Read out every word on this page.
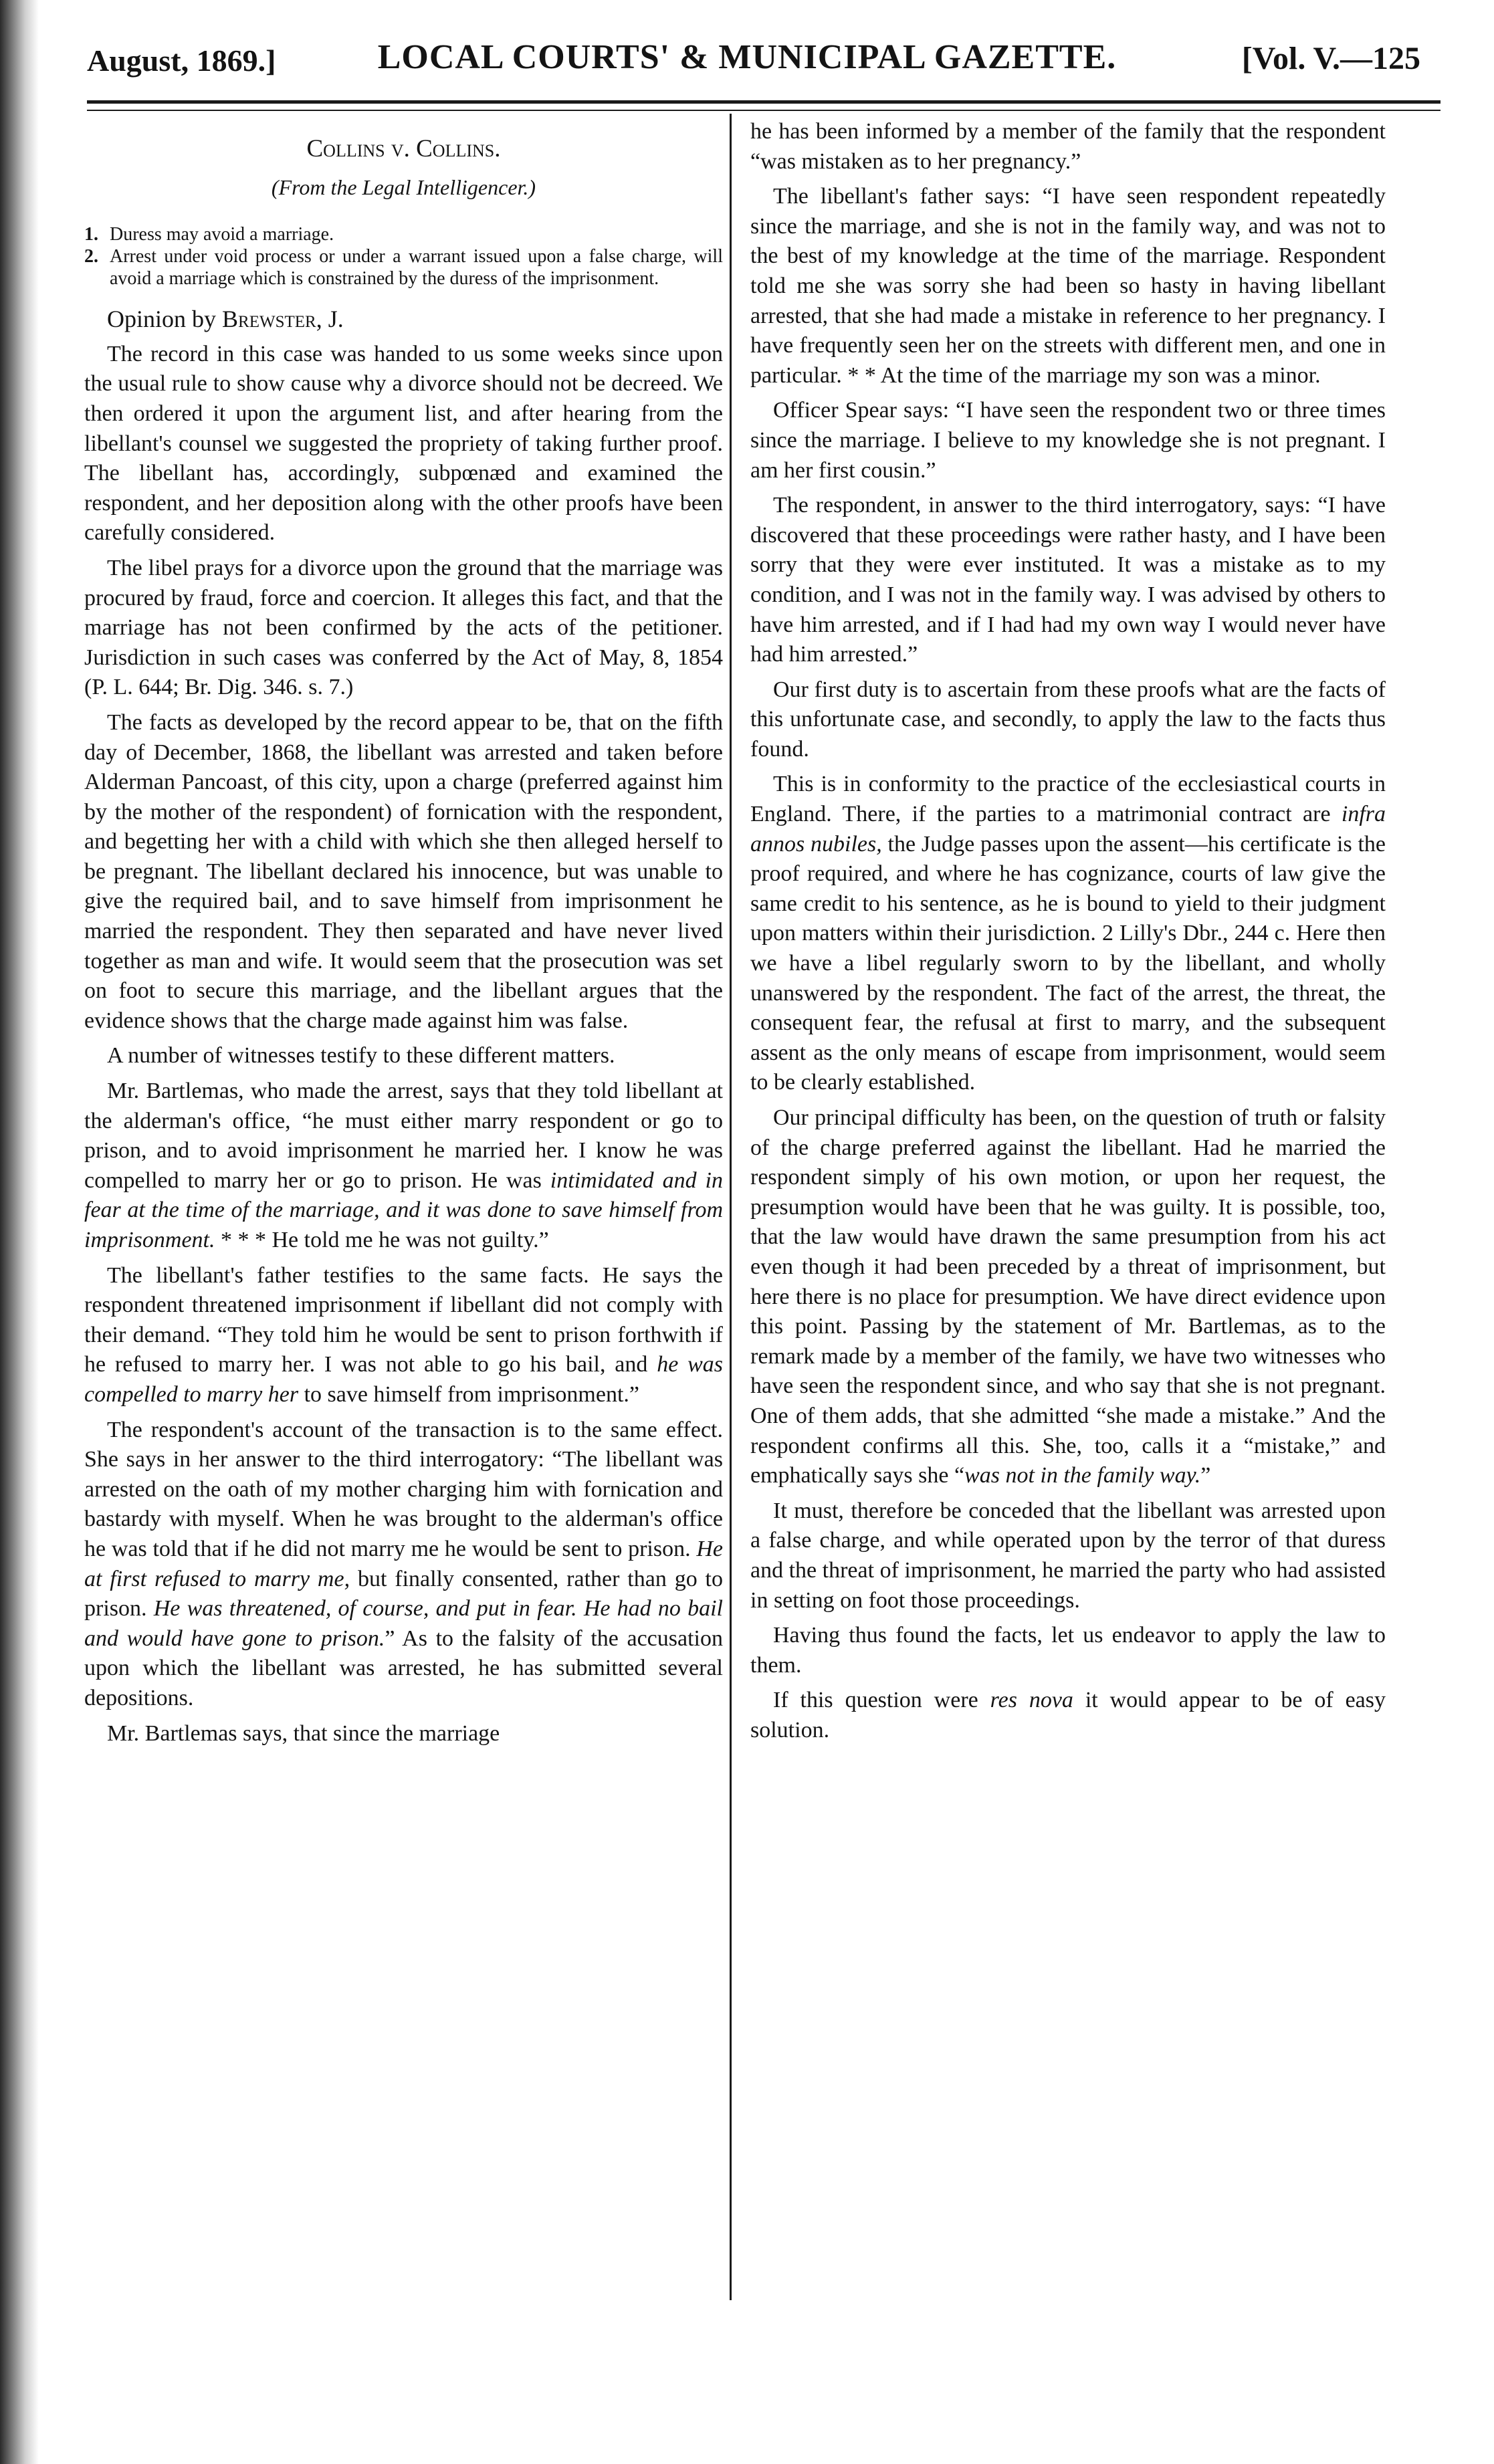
August, 1869.]	LOCAL COURTS' & MUNICIPAL GAZETTE.	[Vol. V.—125
Collins v. Collins.
(From the Legal Intelligencer.)
1. Duress may avoid a marriage.
2. Arrest under void process or under a warrant issued upon a false charge, will avoid a marriage which is constrained by the duress of the imprisonment.

Opinion by Brewster, J.

The record in this case was handed to us some weeks since upon the usual rule to show cause why a divorce should not be decreed. We then ordered it upon the argument list, and after hearing from the libellant's counsel we suggested the propriety of taking further proof. The libellant has, accordingly, subpœnæd and examined the respondent, and her deposition along with the other proofs have been carefully considered.

The libel prays for a divorce upon the ground that the marriage was procured by fraud, force and coercion. It alleges this fact, and that the marriage has not been confirmed by the acts of the petitioner. Jurisdiction in such cases was conferred by the Act of May, 8, 1854 (P. L. 644; Br. Dig. 346. s. 7.)

The facts as developed by the record appear to be, that on the fifth day of December, 1868, the libellant was arrested and taken before Alderman Pancoast, of this city, upon a charge (preferred against him by the mother of the respondent) of fornication with the respondent, and begetting her with a child with which she then alleged herself to be pregnant. The libellant declared his innocence, but was unable to give the required bail, and to save himself from imprisonment he married the respondent. They then separated and have never lived together as man and wife. It would seem that the prosecution was set on foot to secure this marriage, and the libellant argues that the evidence shows that the charge made against him was false.

A number of witnesses testify to these different matters.

Mr. Bartlemas, who made the arrest, says that they told libellant at the alderman's office, “he must either marry respondent or go to prison, and to avoid imprisonment he married her. I know he was compelled to marry her or go to prison. He was intimidated and in fear at the time of the marriage, and it was done to save himself from imprisonment. * * * He told me he was not guilty.”

The libellant's father testifies to the same facts. He says the respondent threatened imprisonment if libellant did not comply with their demand. “They told him he would be sent to prison forthwith if he refused to marry her. I was not able to go his bail, and he was compelled to marry her to save himself from imprisonment.”

The respondent's account of the transaction is to the same effect. She says in her answer to the third interrogatory: “The libellant was arrested on the oath of my mother charging him with fornication and bastardy with myself. When he was brought to the alderman's office he was told that if he did not marry me he would be sent to prison. He at first refused to marry me, but finally consented, rather than go to prison. He was threatened, of course, and put in fear. He had no bail and would have gone to prison.” As to the falsity of the accusation upon which the libellant was arrested, he has submitted several depositions.

Mr. Bartlemas says, that since the marriage

he has been informed by a member of the family that the respondent “was mistaken as to her pregnancy.”

The libellant's father says: “I have seen respondent repeatedly since the marriage, and she is not in the family way, and was not to the best of my knowledge at the time of the marriage. Respondent told me she was sorry she had been so hasty in having libellant arrested, that she had made a mistake in reference to her pregnancy. I have frequently seen her on the streets with different men, and one in particular. * * At the time of the marriage my son was a minor.

Officer Spear says: “I have seen the respondent two or three times since the marriage. I believe to my knowledge she is not pregnant. I am her first cousin.”

The respondent, in answer to the third interrogatory, says: “I have discovered that these proceedings were rather hasty, and I have been sorry that they were ever instituted. It was a mistake as to my condition, and I was not in the family way. I was advised by others to have him arrested, and if I had had my own way I would never have had him arrested.”

Our first duty is to ascertain from these proofs what are the facts of this unfortunate case, and secondly, to apply the law to the facts thus found.

This is in conformity to the practice of the ecclesiastical courts in England. There, if the parties to a matrimonial contract are infra annos nubiles, the Judge passes upon the assent—his certificate is the proof required, and where he has cognizance, courts of law give the same credit to his sentence, as he is bound to yield to their judgment upon matters within their jurisdiction. 2 Lilly's Dbr., 244 c. Here then we have a libel regularly sworn to by the libellant, and wholly unanswered by the respondent. The fact of the arrest, the threat, the consequent fear, the refusal at first to marry, and the subsequent assent as the only means of escape from imprisonment, would seem to be clearly established.

Our principal difficulty has been, on the question of truth or falsity of the charge preferred against the libellant. Had he married the respondent simply of his own motion, or upon her request, the presumption would have been that he was guilty. It is possible, too, that the law would have drawn the same presumption from his act even though it had been preceded by a threat of imprisonment, but here there is no place for presumption. We have direct evidence upon this point. Passing by the statement of Mr. Bartlemas, as to the remark made by a member of the family, we have two witnesses who have seen the respondent since, and who say that she is not pregnant. One of them adds, that she admitted “she made a mistake.” And the respondent confirms all this. She, too, calls it a “mistake,” and emphatically says she “was not in the family way.”

It must, therefore be conceded that the libellant was arrested upon a false charge, and while operated upon by the terror of that duress and the threat of imprisonment, he married the party who had assisted in setting on foot those proceedings.

Having thus found the facts, let us endeavor to apply the law to them.

If this question were res nova it would appear to be of easy solution.
